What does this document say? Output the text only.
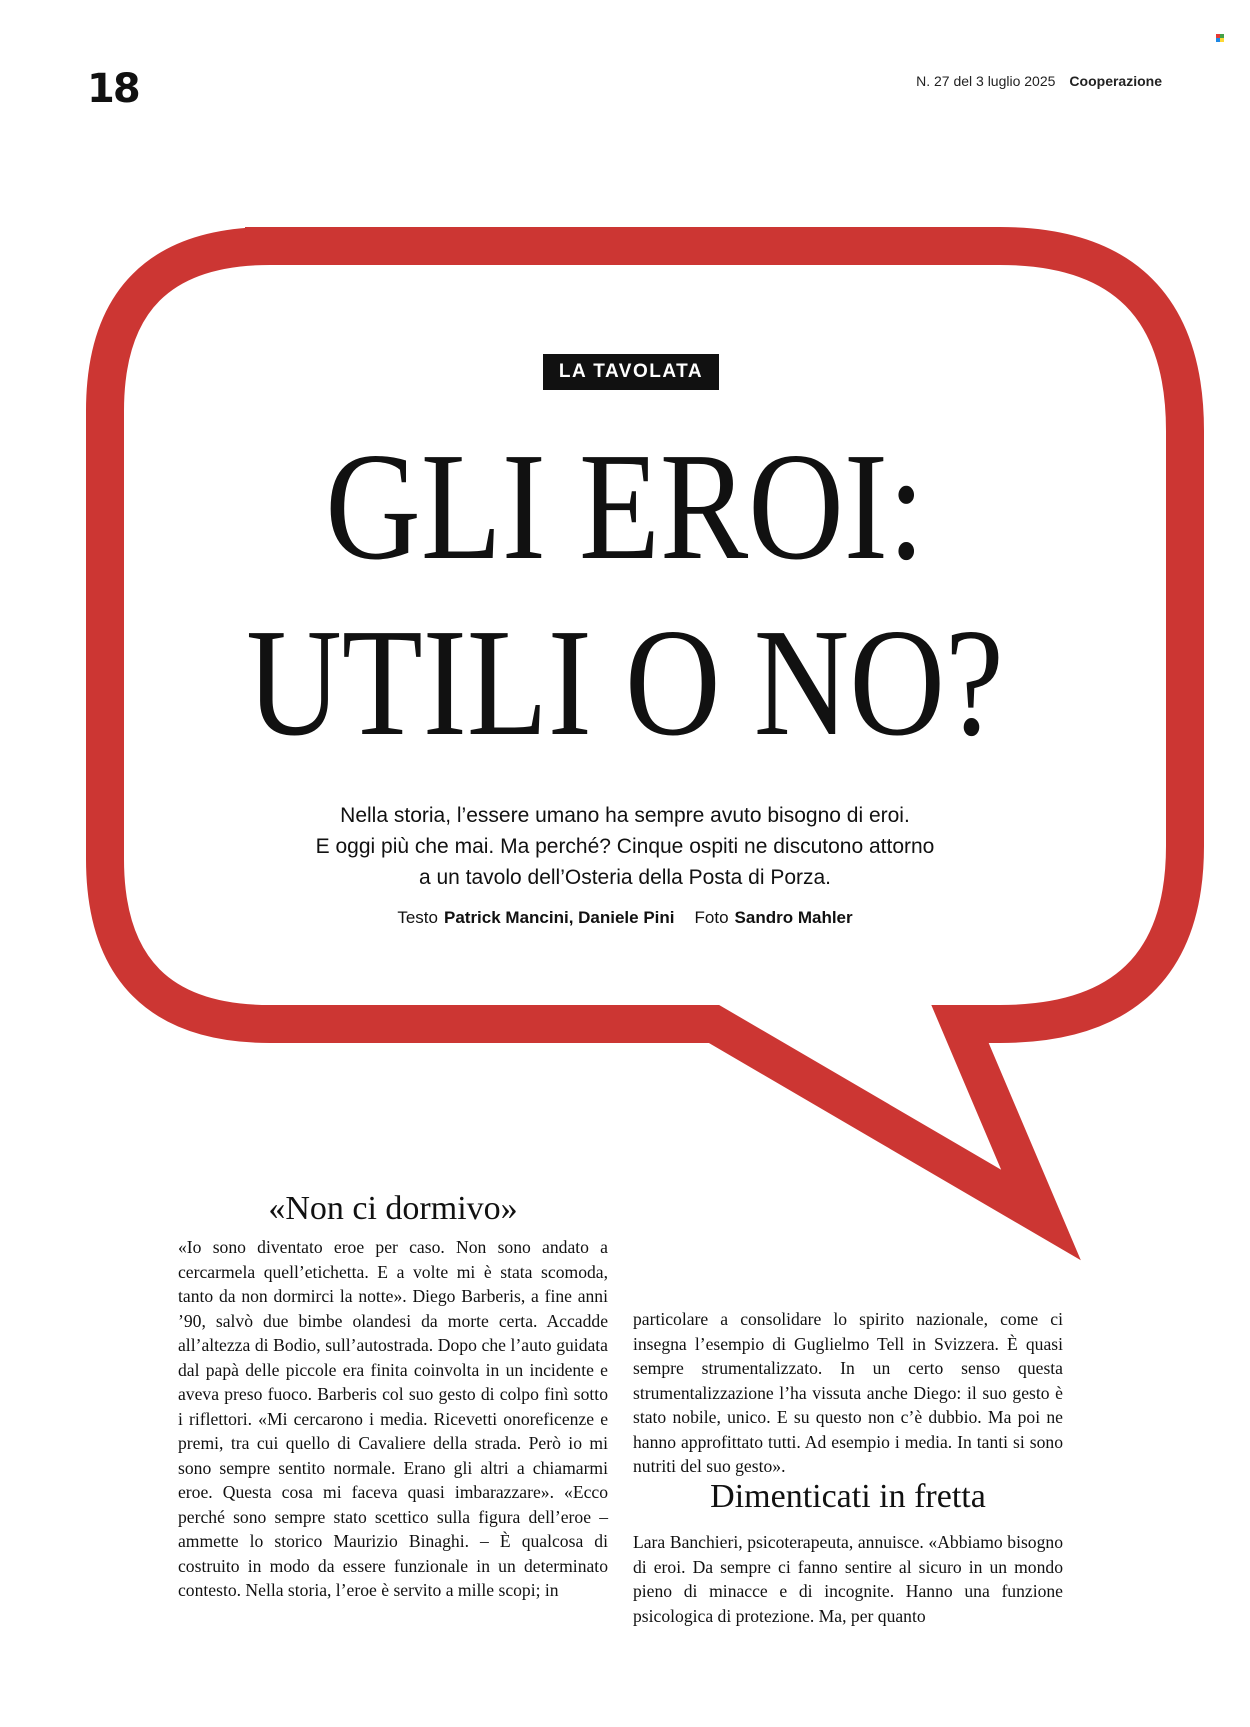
18	N. 27 del 3 luglio 2025 Cooperazione
LA TAVOLATA
GLI EROI:
UTILI O NO?
Nella storia, l’essere umano ha sempre avuto bisogno di eroi.
E oggi più che mai. Ma perché? Cinque ospiti ne discutono attorno
a un tavolo dell’Osteria della Posta di Porza.
Testo Patrick Mancini, Daniele Pini Foto Sandro Mahler
«Non ci dormivo»

«Io sono diventato eroe per caso. Non sono andato a cercarmela quell’etichetta. E a volte mi è stata scomoda, tanto da non dormirci la notte». Diego Barberis, a fine anni ’90, salvò due bimbe olandesi da morte certa. Accadde all’altezza di Bodio, sull’autostrada. Dopo che l’auto guidata dal papà delle piccole era finita coinvolta in un incidente e aveva preso fuoco. Barberis col suo gesto di colpo finì sotto i riflettori. «Mi cercarono i media. Ricevetti onoreficenze e premi, tra cui quello di Cavaliere della strada. Però io mi sono sempre sentito normale. Erano gli altri a chiamarmi eroe. Questa cosa mi faceva quasi imbarazzare». «Ecco perché sono sempre stato scettico sulla figura dell’eroe – ammette lo storico Maurizio Binaghi. – È qualcosa di costruito in modo da essere funzionale in un determinato contesto. Nella storia, l’eroe è servito a mille scopi; in

particolare a consolidare lo spirito nazionale, come ci insegna l’esempio di Guglielmo Tell in Svizzera. È quasi sempre strumentalizzato. In un certo senso questa strumentalizzazione l’ha vissuta anche Diego: il suo gesto è stato nobile, unico. E su questo non c’è dubbio. Ma poi ne hanno approfittato tutti. Ad esempio i media. In tanti si sono nutriti del suo gesto».

Dimenticati in fretta

Lara Banchieri, psicoterapeuta, annuisce. «Abbiamo bisogno di eroi. Da sempre ci fanno sentire al sicuro in un mondo pieno di minacce e di incognite. Hanno una funzione psicologica di protezione. Ma, per quanto
